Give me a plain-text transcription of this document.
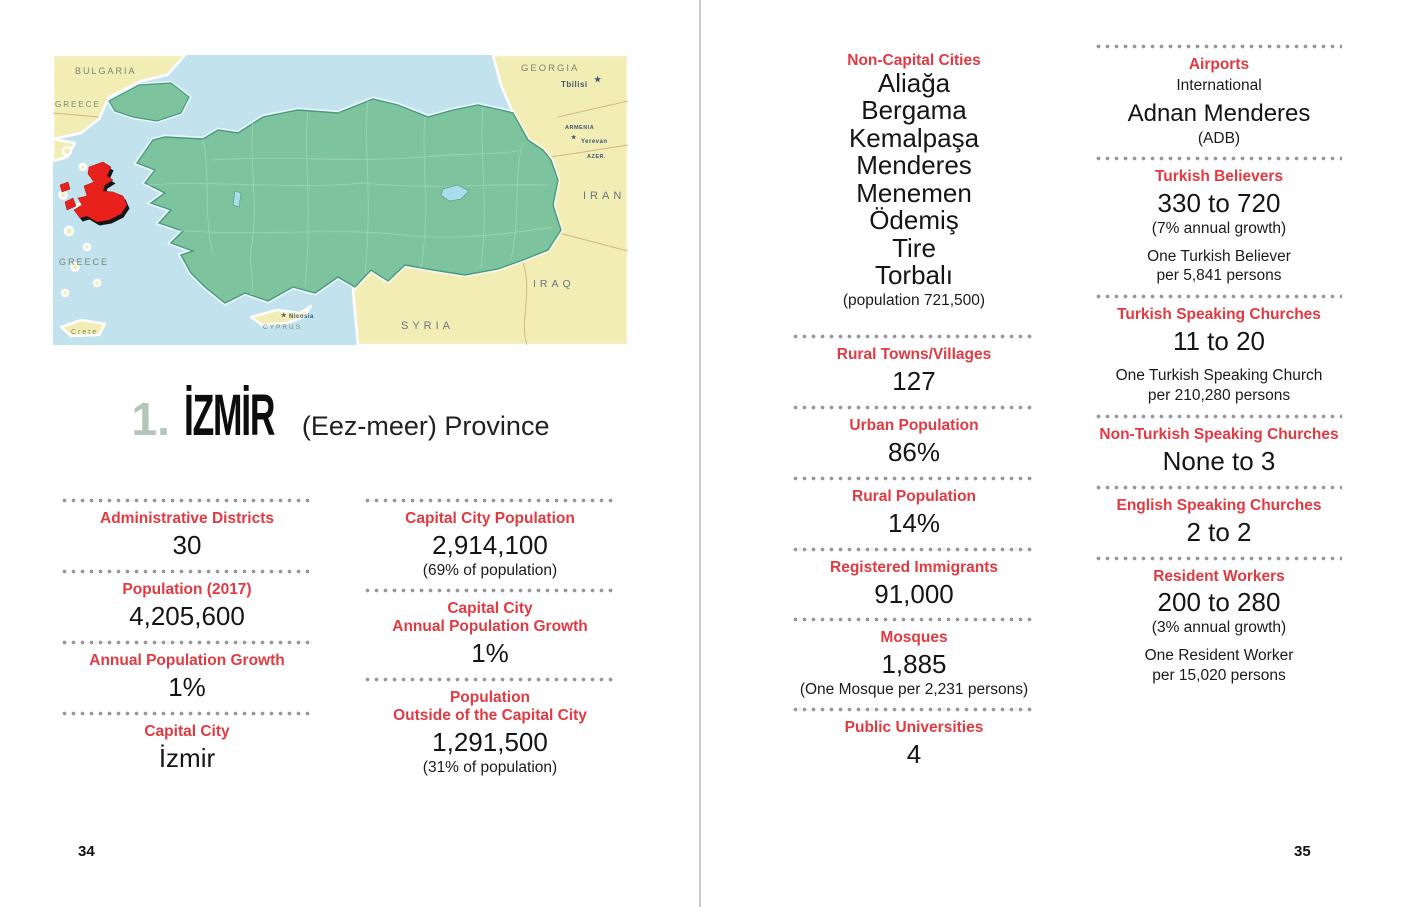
BULGARIA
GREECE
GREECE
GEORGIA
Tbilisi
★
ARMENIA
★
Yerevan
AZER.
IRAN
IRAQ
SYRIA
CYPRUS
★ Nicosia
Crete
1. İZMİR	(Eez-meer) Province
Administrative Districts
30
Population (2017)
4,205,600
Annual Population Growth
1%
Capital City
İzmir
Capital City Population
2,914,100
(69% of population)
Capital City
Annual Population Growth
1%
Population
Outside of the Capital City
1,291,500
(31% of population)
34
Non-Capital Cities
Aliağa
Bergama
Kemalpaşa
Menderes
Menemen
Ödemiş
Tire
Torbalı
(population 721,500)
Rural Towns/Villages
127
Urban Population
86%
Rural Population
14%
Registered Immigrants
91,000
Mosques
1,885
(One Mosque per 2,231 persons)
Public Universities
4
Airports
International
Adnan Menderes
(ADB)
Turkish Believers
330 to 720
(7% annual growth)
One Turkish Believer
per 5,841 persons
Turkish Speaking Churches
11 to 20
One Turkish Speaking Church
per 210,280 persons
Non-Turkish Speaking Churches
None to 3
English Speaking Churches
2 to 2
Resident Workers
200 to 280
(3% annual growth)
One Resident Worker
per 15,020 persons
35
